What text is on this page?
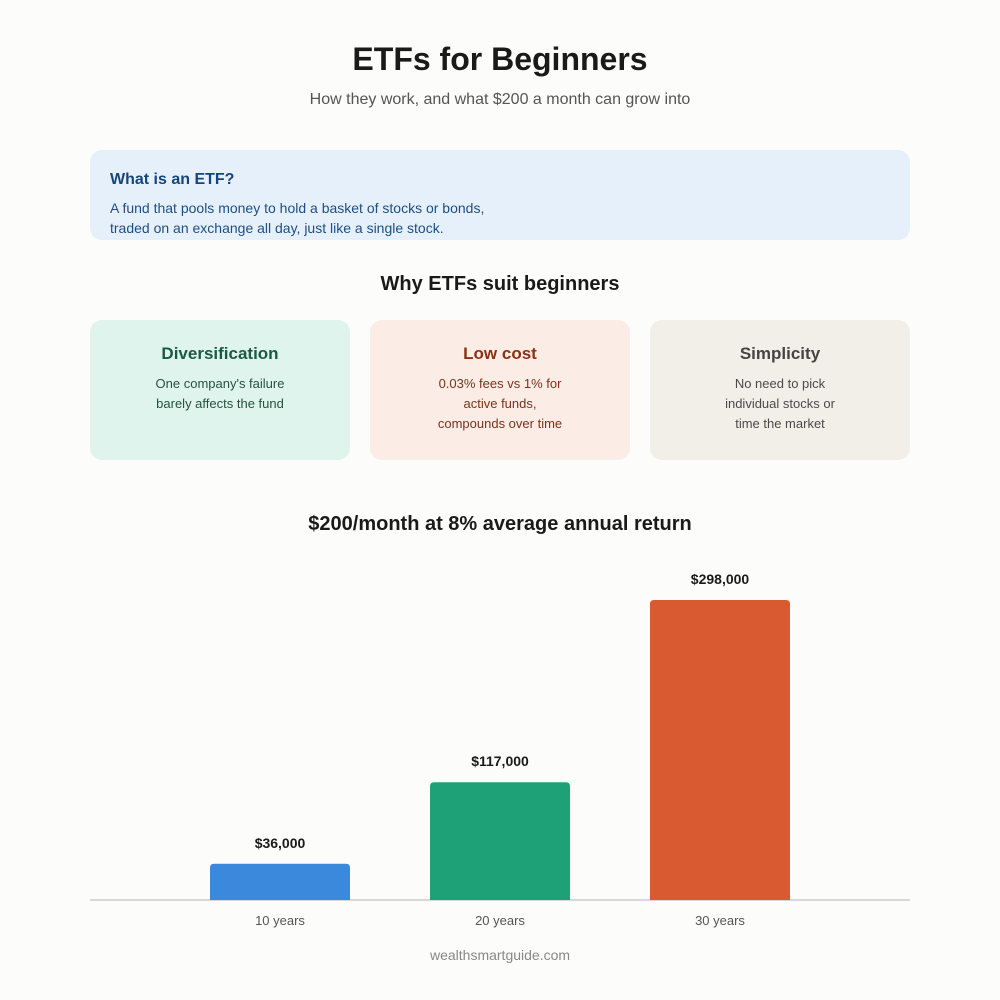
ETFs for Beginners
How they work, and what $200 a month can grow into
What is an ETF?
A fund that pools money to hold a basket of stocks or bonds, traded on an exchange all day, just like a single stock.
Why ETFs suit beginners
Diversification
One company's failure barely affects the fund
Low cost
0.03% fees vs 1% for active funds, compounds over time
Simplicity
No need to pick individual stocks or time the market
$200/month at 8% average annual return
$36,000
10 years
$117,000
20 years
$298,000
30 years
wealthsmartguide.com
